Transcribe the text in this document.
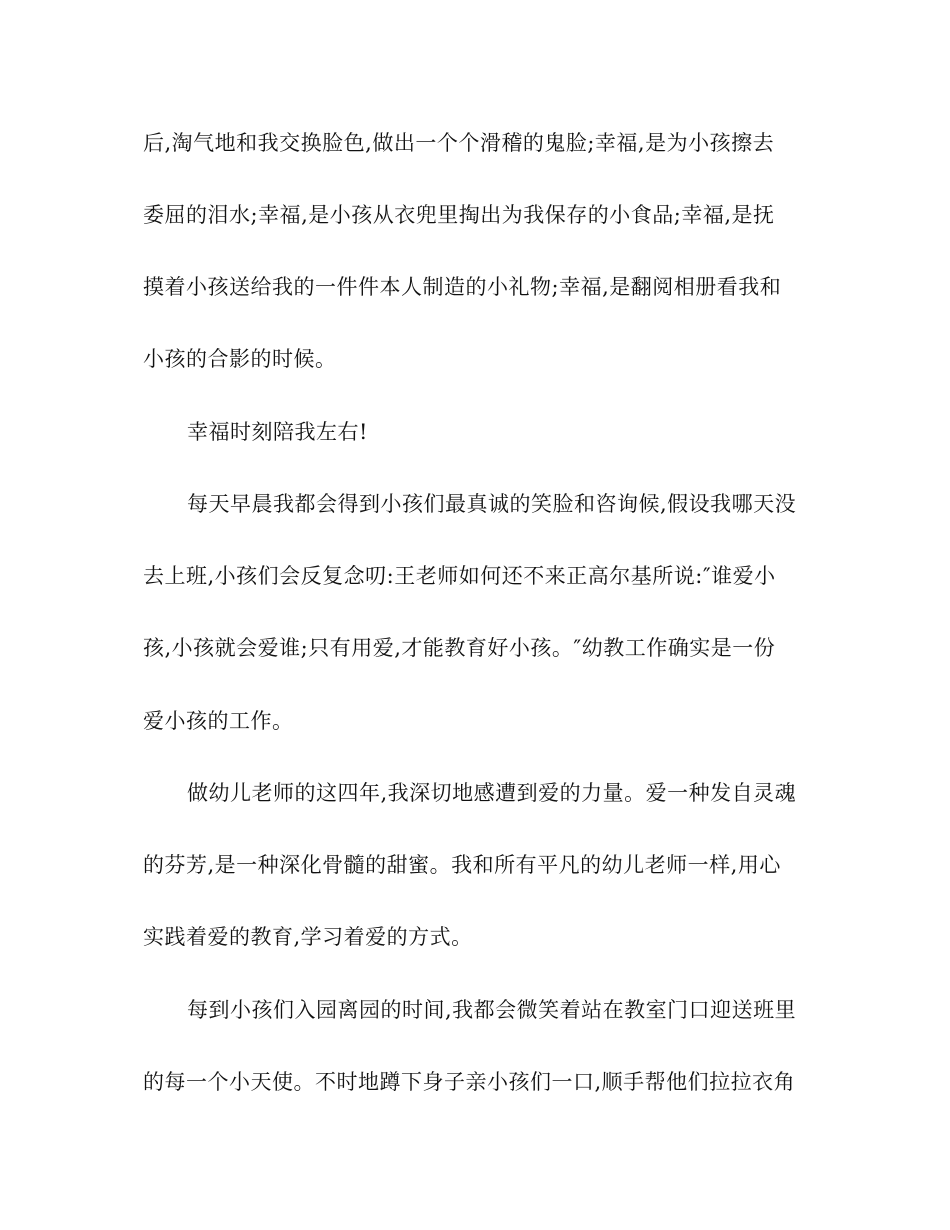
后,淘气地和我交换脸色,做出一个个滑稽的鬼脸;幸福,是为小孩擦去
委屈的泪水;幸福,是小孩从衣兜里掏出为我保存的小食品;幸福,是抚
摸着小孩送给我的一件件本人制造的小礼物;幸福,是翻阅相册看我和
小孩的合影的时候。
幸福时刻陪我左右!
每天早晨我都会得到小孩们最真诚的笑脸和咨询候,假设我哪天没
去上班,小孩们会反复念叨:王老师如何还不来正高尔基所说:″谁爱小
孩,小孩就会爱谁;只有用爱,才能教育好小孩。″幼教工作确实是一份
爱小孩的工作。
做幼儿老师的这四年,我深切地感遭到爱的力量。爱一种发自灵魂
的芬芳,是一种深化骨髓的甜蜜。我和所有平凡的幼儿老师一样,用心
实践着爱的教育,学习着爱的方式。
每到小孩们入园离园的时间,我都会微笑着站在教室门口迎送班里
的每一个小天使。不时地蹲下身子亲小孩们一口,顺手帮他们拉拉衣角
